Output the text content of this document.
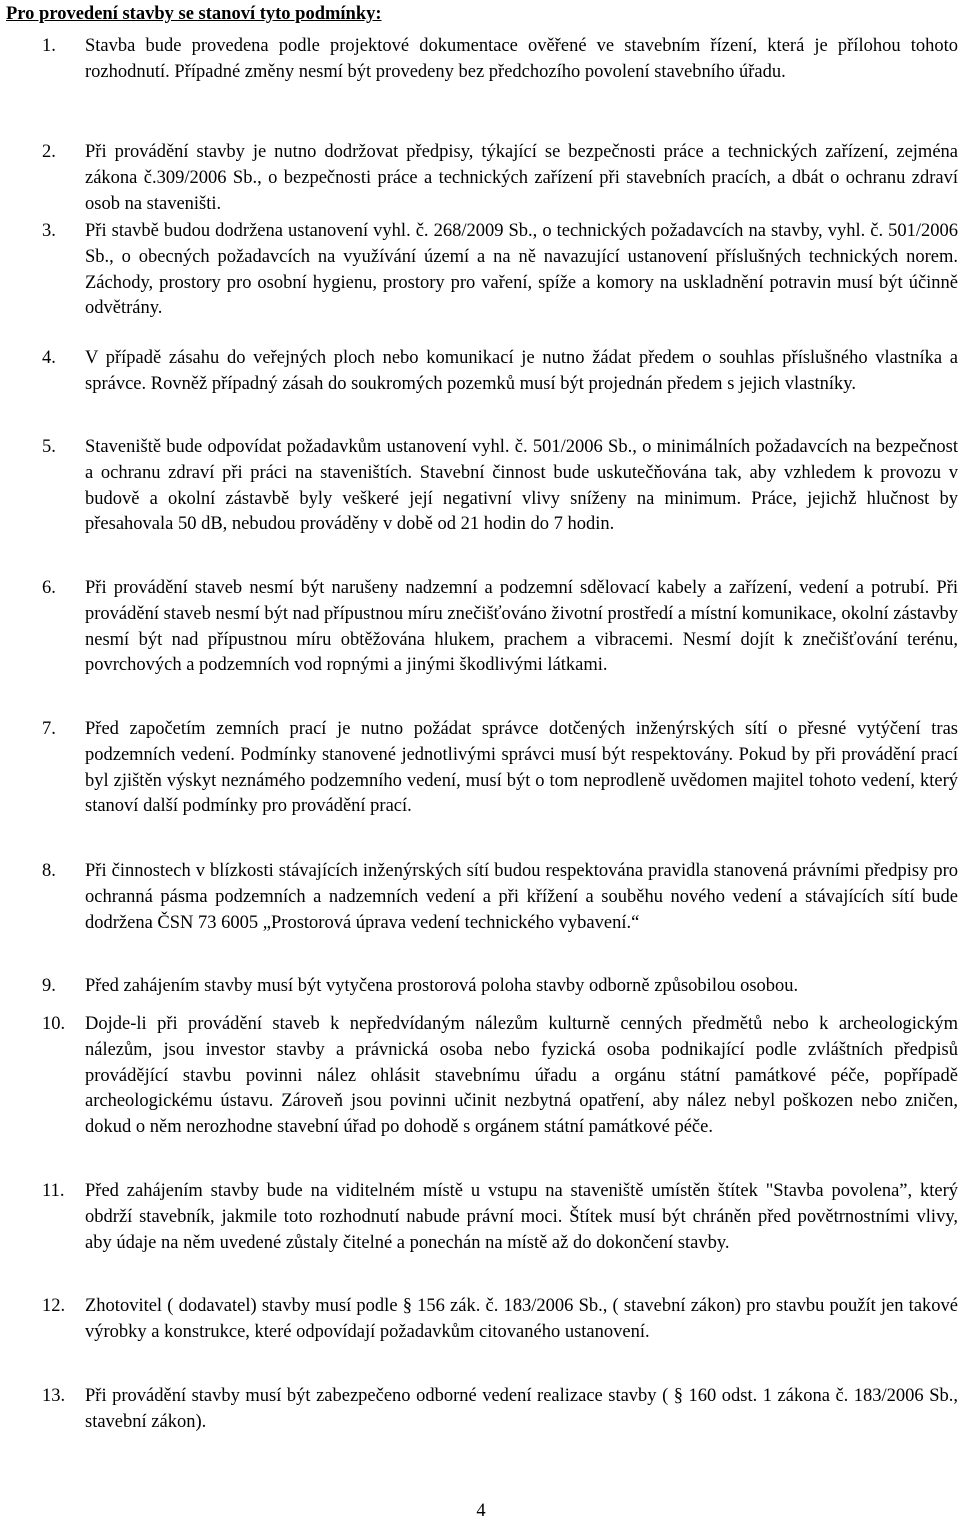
Pro provedení stavby se stanoví tyto podmínky:
1.	Stavba bude provedena podle projektové dokumentace ověřené ve stavebním řízení, která je přílohou tohoto rozhodnutí. Případné změny nesmí být provedeny bez předchozího povolení stavebního úřadu.
2.	Při provádění stavby je nutno dodržovat předpisy, týkající se bezpečnosti práce a technických zařízení, zejména zákona č.309/2006 Sb., o bezpečnosti práce a technických zařízení při stavebních pracích, a dbát o ochranu zdraví osob na staveništi.
3.	Při stavbě budou dodržena ustanovení vyhl. č. 268/2009 Sb., o technických požadavcích na stavby, vyhl. č. 501/2006 Sb., o obecných požadavcích na využívání území a na ně navazující ustanovení příslušných technických norem. Záchody, prostory pro osobní hygienu, prostory pro vaření, spíže a komory na uskladnění potravin musí být účinně odvětrány.
4.	V případě zásahu do veřejných ploch nebo komunikací je nutno žádat předem o souhlas příslušného vlastníka a správce. Rovněž případný zásah do soukromých pozemků musí být projednán předem s jejich vlastníky.
5.	Staveniště bude odpovídat požadavkům ustanovení vyhl. č. 501/2006 Sb., o minimálních požadavcích na bezpečnost a ochranu zdraví při práci na staveništích. Stavební činnost bude uskutečňována tak, aby vzhledem k provozu v budově a okolní zástavbě byly veškeré její negativní vlivy sníženy na minimum. Práce, jejichž hlučnost by přesahovala 50 dB, nebudou prováděny v době od 21 hodin do 7 hodin.
6.	Při provádění staveb nesmí být narušeny nadzemní a podzemní sdělovací kabely a zařízení, vedení a potrubí. Při provádění staveb nesmí být nad přípustnou míru znečišťováno životní prostředí a místní komunikace, okolní zástavby nesmí být nad přípustnou míru obtěžována hlukem, prachem a vibracemi. Nesmí dojít k znečišťování terénu, povrchových a podzemních vod ropnými a jinými škodlivými látkami.
7.	Před započetím zemních prací je nutno požádat správce dotčených inženýrských sítí o přesné vytýčení tras podzemních vedení. Podmínky stanovené jednotlivými správci musí být respektovány. Pokud by při provádění prací byl zjištěn výskyt neznámého podzemního vedení, musí být o tom neprodleně uvědomen majitel tohoto vedení, který stanoví další podmínky pro provádění prací.
8.	Při činnostech v blízkosti stávajících inženýrských sítí budou respektována pravidla stanovená právními předpisy pro ochranná pásma podzemních a nadzemních vedení a při křížení a souběhu nového vedení a stávajících sítí bude dodržena ČSN 73 6005 „Prostorová úprava vedení technického vybavení.“
9.	Před zahájením stavby musí být vytyčena prostorová poloha stavby odborně způsobilou osobou.
10.	Dojde-li při provádění staveb k nepředvídaným nálezům kulturně cenných předmětů nebo k archeologickým nálezům, jsou investor stavby a právnická osoba nebo fyzická osoba podnikající podle zvláštních předpisů provádějící stavbu povinni nález ohlásit stavebnímu úřadu a orgánu státní památkové péče, popřípadě archeologickému ústavu. Zároveň jsou povinni učinit nezbytná opatření, aby nález nebyl poškozen nebo zničen, dokud o něm nerozhodne stavební úřad po dohodě s orgánem státní památkové péče.
11.	Před zahájením stavby bude na viditelném místě u vstupu na staveniště umístěn štítek "Stavba povolena”, který obdrží stavebník, jakmile toto rozhodnutí nabude právní moci. Štítek musí být chráněn před povětrnostními vlivy, aby údaje na něm uvedené zůstaly čitelné a ponechán na místě až do dokončení stavby.
12.	Zhotovitel ( dodavatel) stavby musí podle § 156 zák. č. 183/2006 Sb., ( stavební zákon) pro stavbu použít jen takové výrobky a konstrukce, které odpovídají požadavkům citovaného ustanovení.
13.	Při provádění stavby musí být zabezpečeno odborné vedení realizace stavby ( § 160 odst. 1 zákona č. 183/2006 Sb., stavební zákon).
4
